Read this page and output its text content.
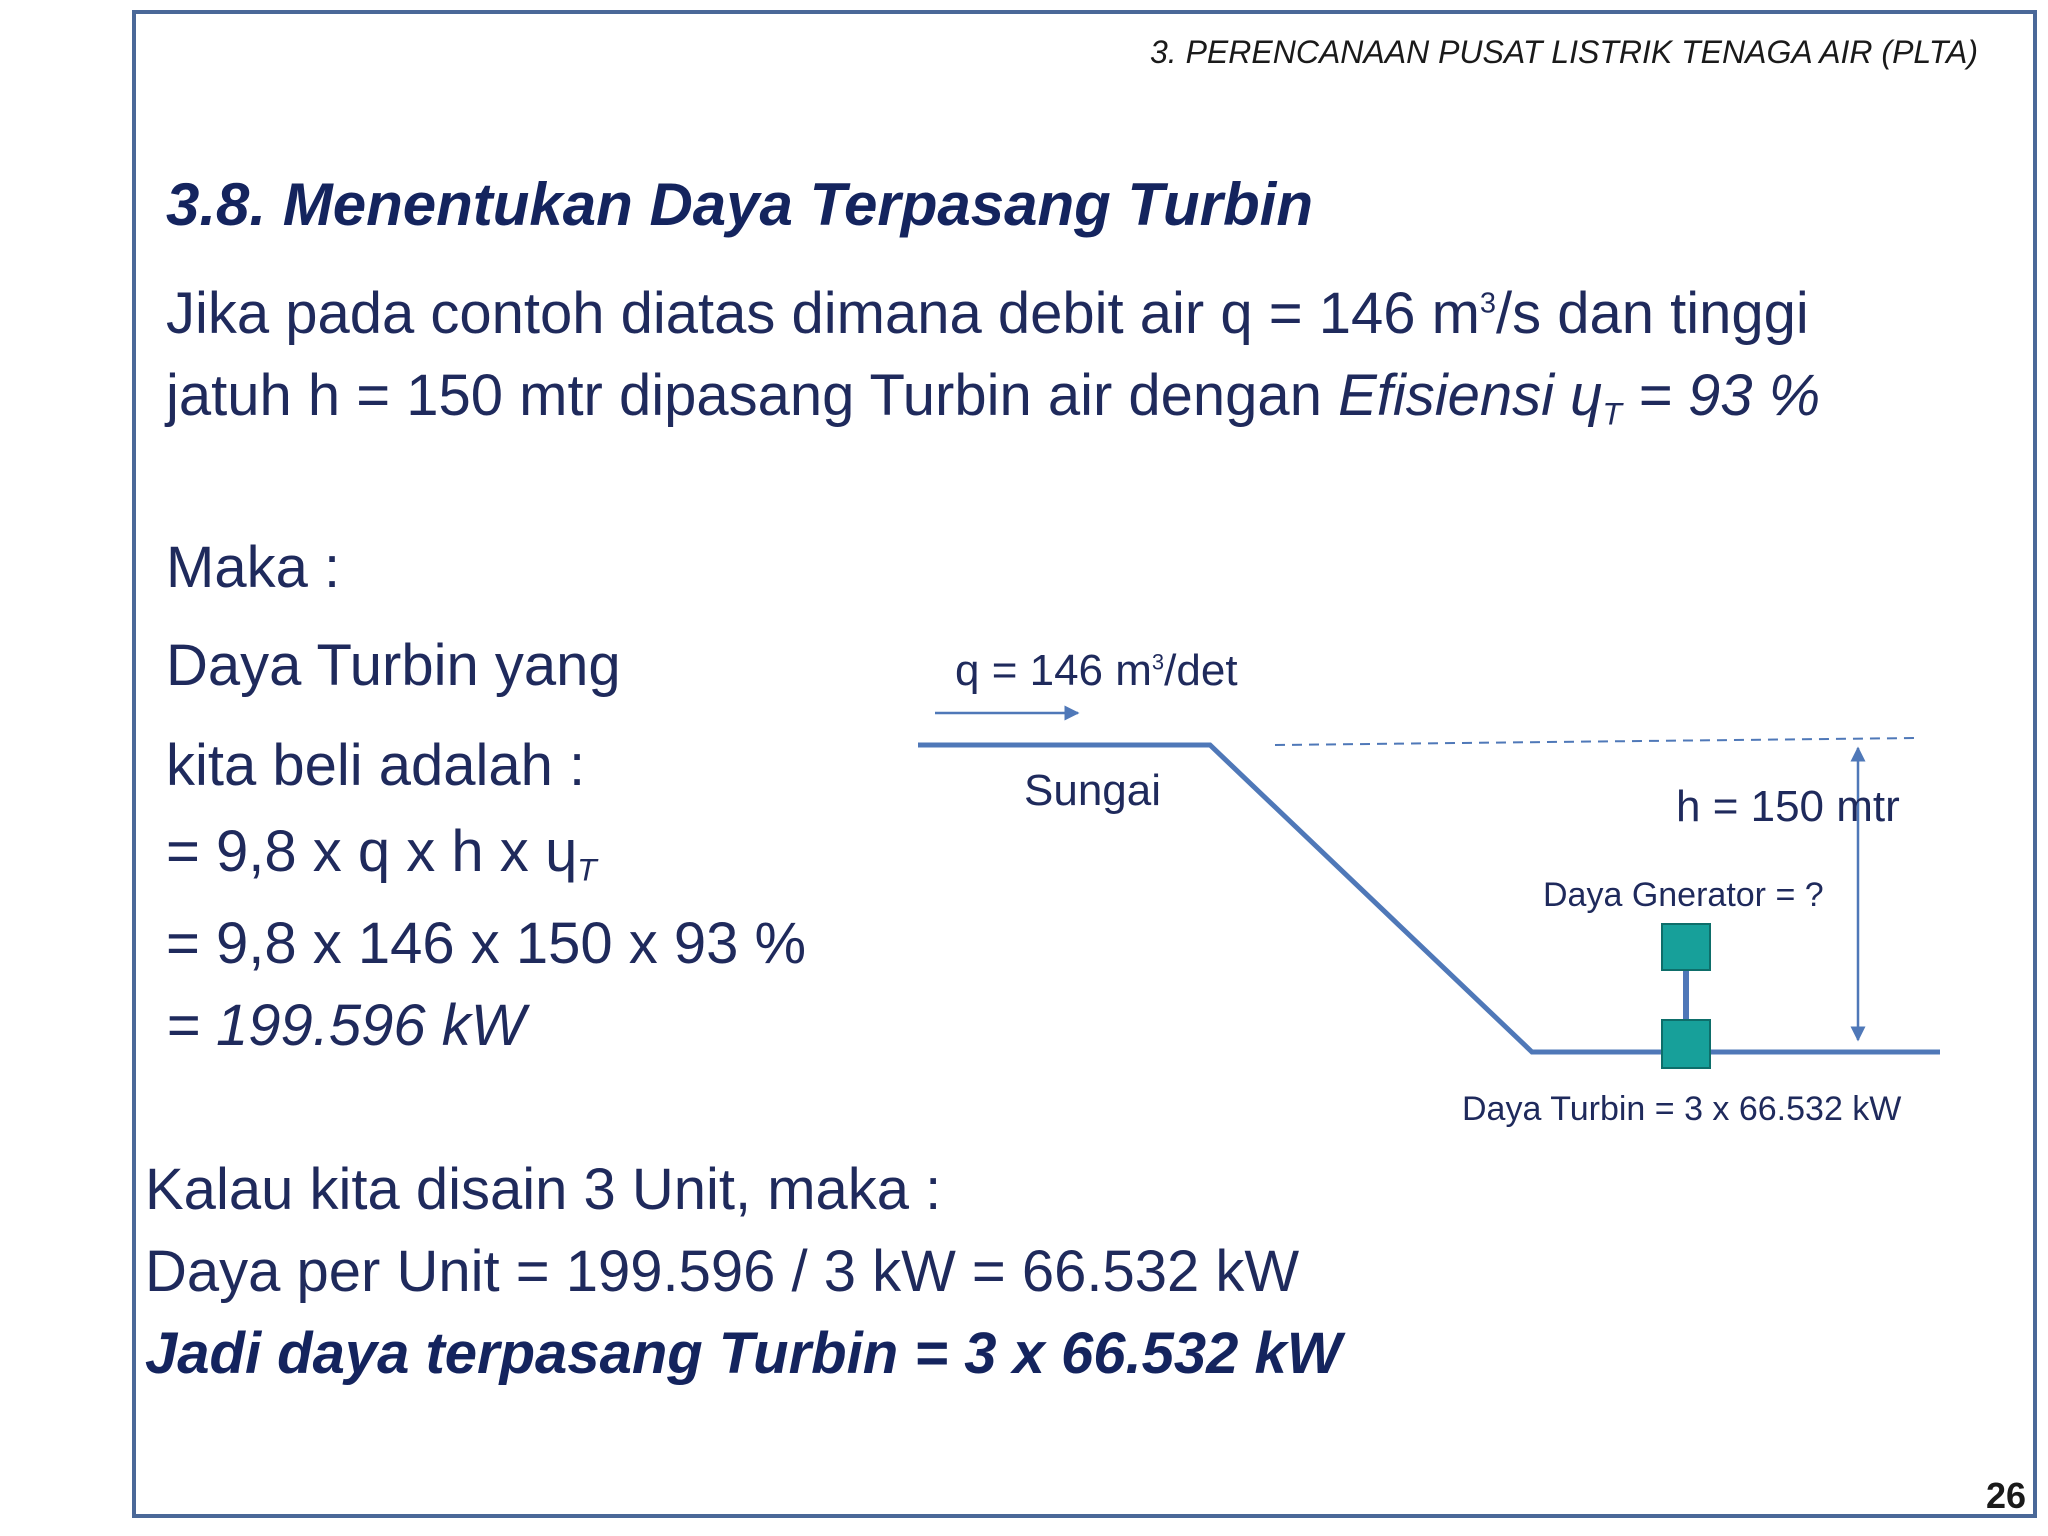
3. PERENCANAAN PUSAT LISTRIK TENAGA AIR (PLTA)
3.8. Menentukan Daya Terpasang Turbin
Jika pada contoh diatas dimana debit air q = 146 $m^3/s$ dan tinggi
jatuh h = 150 mtr dipasang Turbin air dengan Efisiensi ɥ$_T$ = 93 %
Maka :
Daya Turbin yang
kita beli adalah :
= 9,8 x q x h x ɥ$_T$
= 9,8 x 146 x 150 x 93 %
= 199.596 kW
q = 146 $m^3/\det$
Sungai	h = 150 mtr
Daya Gnerator = ?
Daya Turbin = 3 x 66.532 kW
Kalau kita disain 3 Unit, maka :
Daya per Unit = 199.596 / 3 kW = 66.532 kW
Jadi daya terpasang Turbin = 3 x 66.532 kW
26
